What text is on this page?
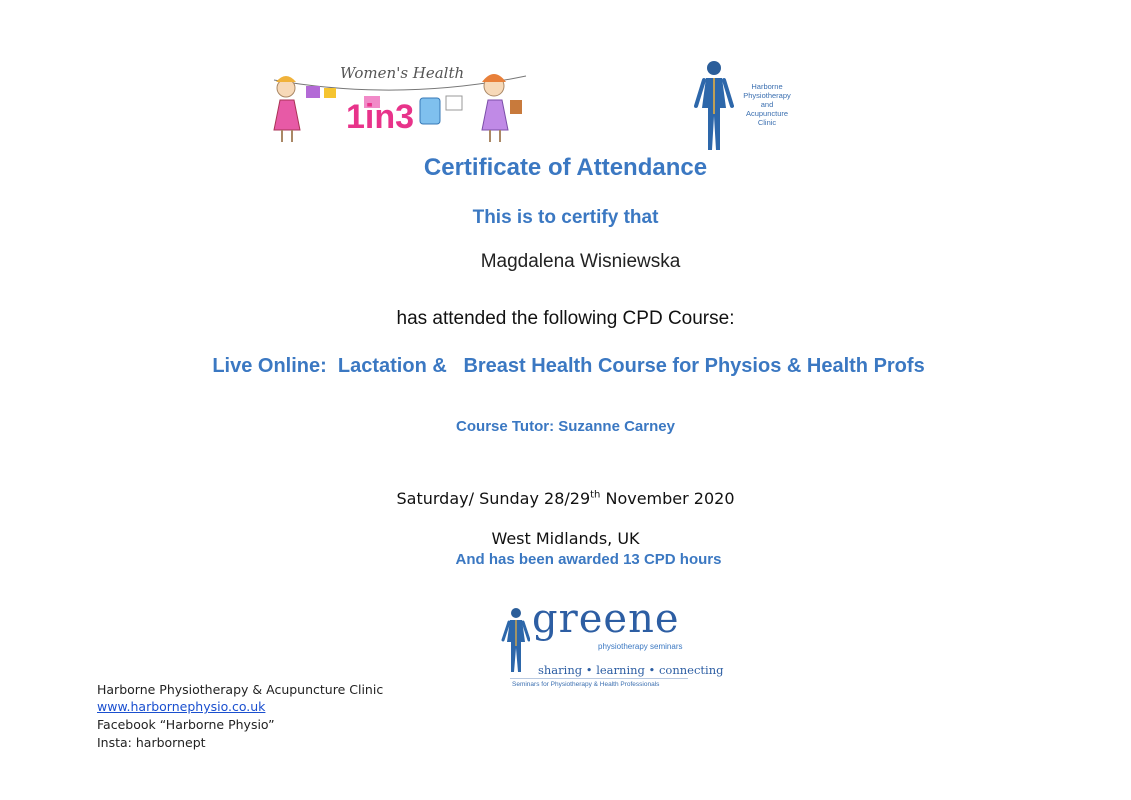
Women's Health
1in3
Harborne
Physiotherapy
and
Acupuncture
Clinic
Certificate of Attendance
This is to certify that
Magdalena Wisniewska
has attended the following CPD Course:
Live Online:  Lactation &   Breast Health Course for Physios & Health Profs
Course Tutor: Suzanne Carney
Saturday/ Sunday 28/29th November 2020
West Midlands, UK
And has been awarded 13 CPD hours
greene
physiotherapy seminars
sharing • learning • connecting
Seminars for Physiotherapy & Health Professionals
Harborne Physiotherapy & Acupuncture Clinic
www.harbornephysio.co.uk
Facebook “Harborne Physio”
Insta: harbornept
